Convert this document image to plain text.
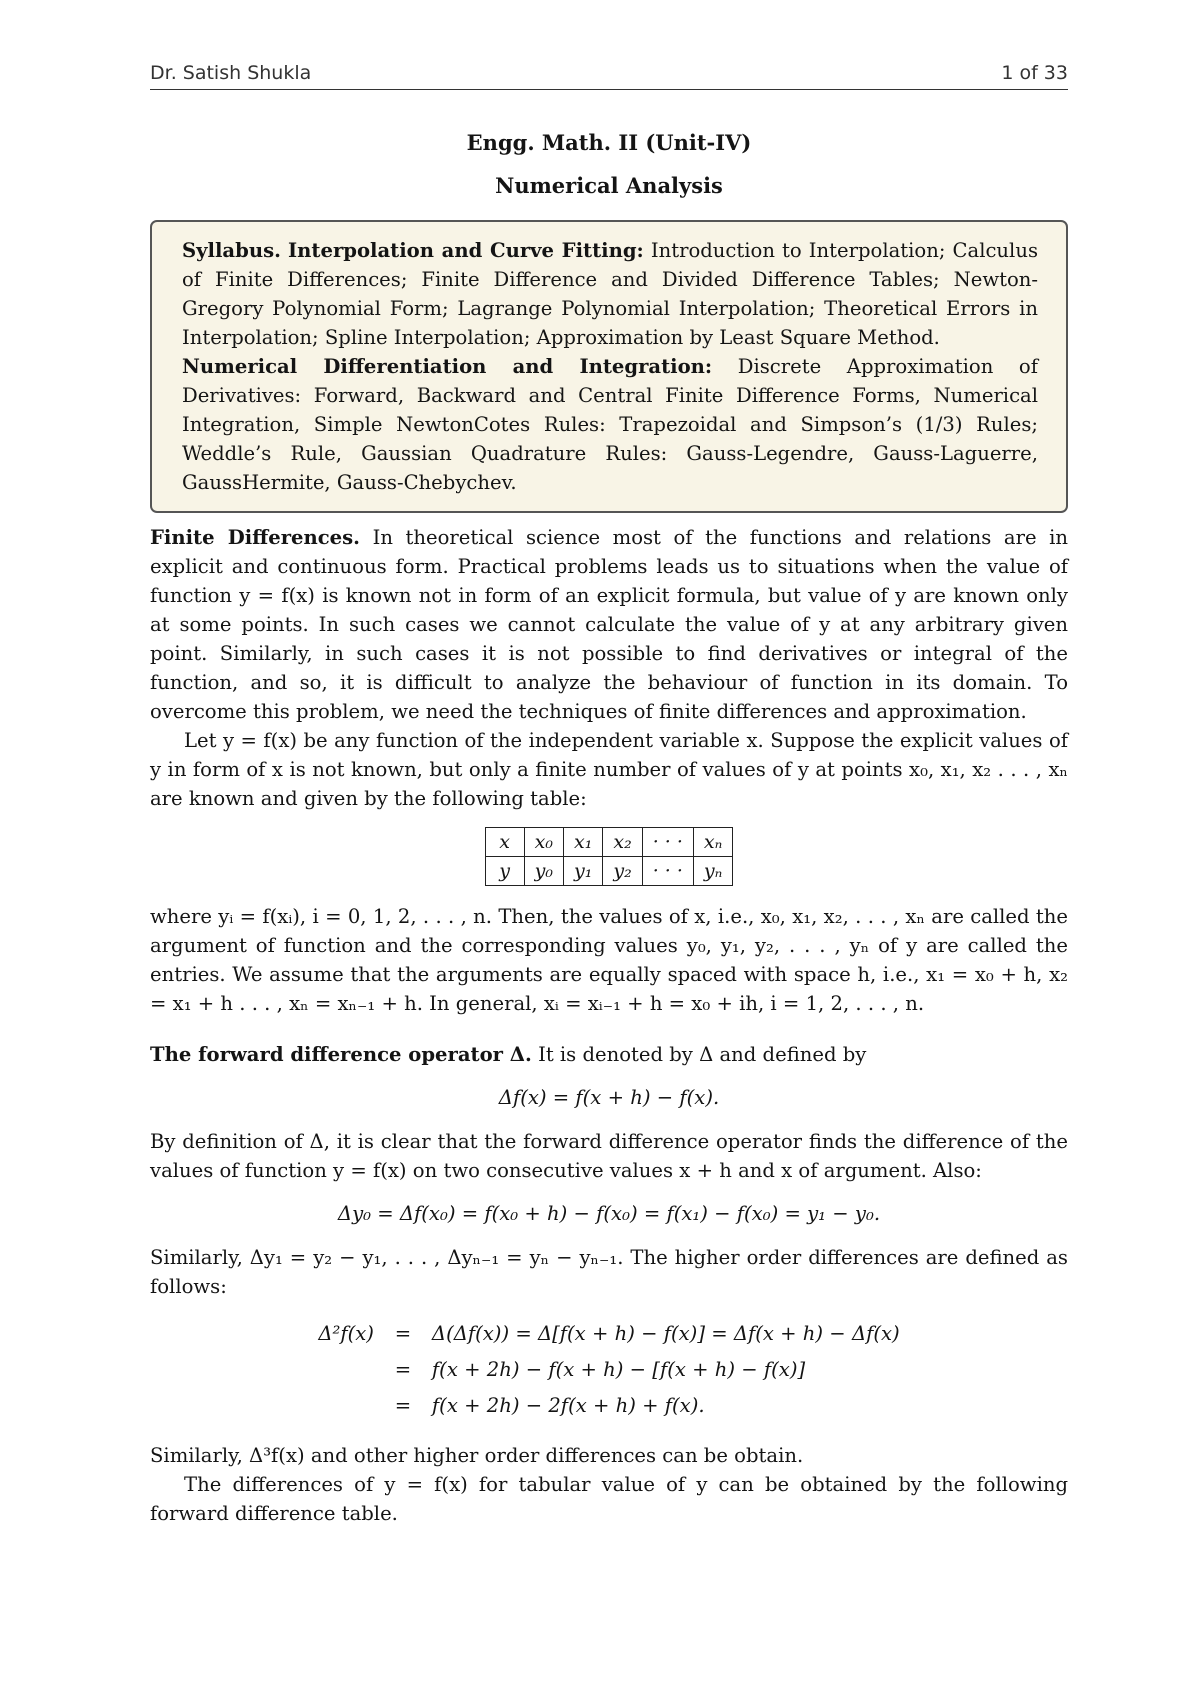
Dr. Satish Shukla	1 of 33
Engg. Math. II (Unit-IV)
Numerical Analysis
Syllabus. Interpolation and Curve Fitting: Introduction to Interpolation; Calculus of Finite Differences; Finite Difference and Divided Difference Tables; Newton-Gregory Polynomial Form; Lagrange Polynomial Interpolation; Theoretical Errors in Interpolation; Spline Interpolation; Approximation by Least Square Method.
Numerical Differentiation and Integration: Discrete Approximation of Derivatives: Forward, Backward and Central Finite Difference Forms, Numerical Integration, Simple NewtonCotes Rules: Trapezoidal and Simpson’s (1/3) Rules; Weddle’s Rule, Gaussian Quadrature Rules: Gauss-Legendre, Gauss-Laguerre, GaussHermite, Gauss-Chebychev.

Finite Differences. In theoretical science most of the functions and relations are in explicit and continuous form. Practical problems leads us to situations when the value of function y = f(x) is known not in form of an explicit formula, but value of y are known only at some points. In such cases we cannot calculate the value of y at any arbitrary given point. Similarly, in such cases it is not possible to find derivatives or integral of the function, and so, it is difficult to analyze the behaviour of function in its domain. To overcome this problem, we need the techniques of finite differences and approximation.

Let y = f(x) be any function of the independent variable x. Suppose the explicit values of y in form of x is not known, but only a finite number of values of y at points x₀, x₁, x₂ . . . , xₙ are known and given by the following table:

x	x₀	x₁	x₂	· · ·	xₙ
y	y₀	y₁	y₂	· · ·	yₙ

where yᵢ = f(xᵢ), i = 0, 1, 2, . . . , n. Then, the values of x, i.e., x₀, x₁, x₂, . . . , xₙ are called the argument of function and the corresponding values y₀, y₁, y₂, . . . , yₙ of y are called the entries. We assume that the arguments are equally spaced with space h, i.e., x₁ = x₀ + h, x₂ = x₁ + h . . . , xₙ = xₙ₋₁ + h. In general, xᵢ = xᵢ₋₁ + h = x₀ + ih, i = 1, 2, . . . , n.

The forward difference operator Δ. It is denoted by Δ and defined by

Δf(x) = f(x + h) − f(x).

By definition of Δ, it is clear that the forward difference operator finds the difference of the values of function y = f(x) on two consecutive values x + h and x of argument. Also:

Δy₀ = Δf(x₀) = f(x₀ + h) − f(x₀) = f(x₁) − f(x₀) = y₁ − y₀.

Similarly, Δy₁ = y₂ − y₁, . . . , Δyₙ₋₁ = yₙ − yₙ₋₁. The higher order differences are defined as follows:

Δ²f(x)	=	Δ(Δf(x)) = Δ[f(x + h) − f(x)] = Δf(x + h) − Δf(x)
	=	f(x + 2h) − f(x + h) − [f(x + h) − f(x)]
	=	f(x + 2h) − 2f(x + h) + f(x).

Similarly, Δ³f(x) and other higher order differences can be obtain.

The differences of y = f(x) for tabular value of y can be obtained by the following forward difference table.
